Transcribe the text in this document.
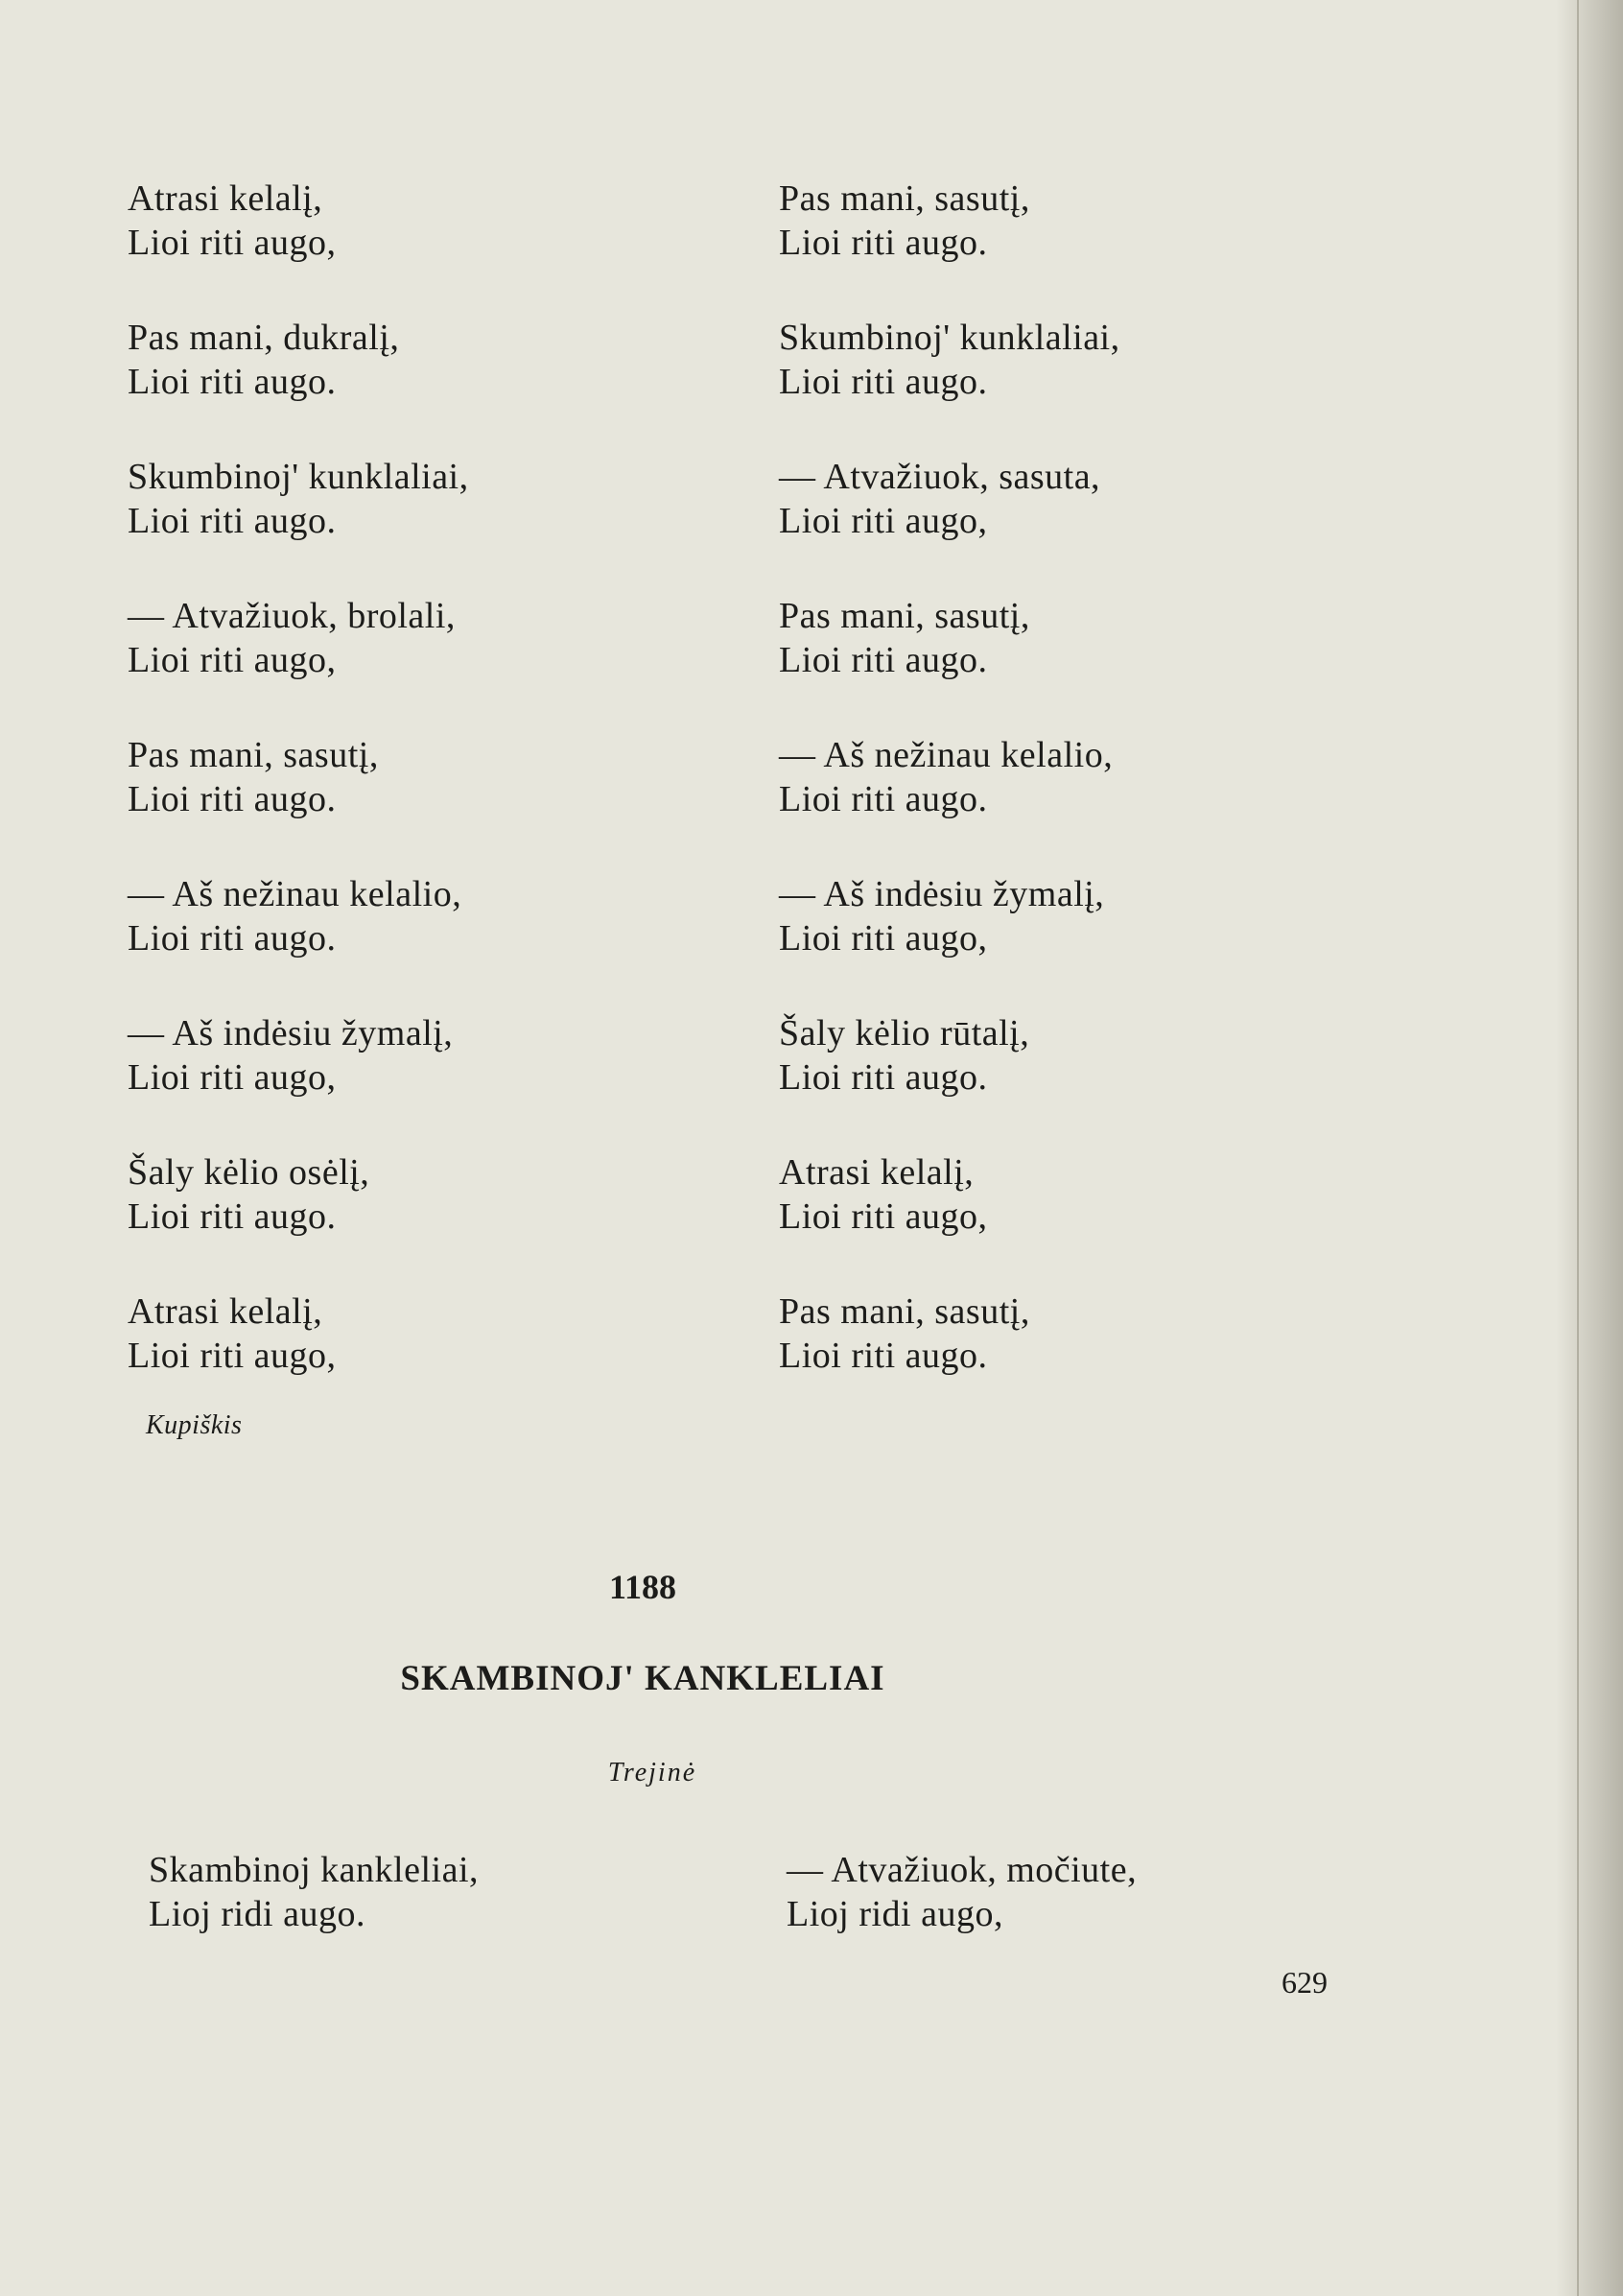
Atrasi kelalį,
Lioi riti augo,
Pas mani, dukralį,
Lioi riti augo.
Skumbinoj' kunklaliai,
Lioi riti augo.
— Atvažiuok, brolali,
Lioi riti augo,
Pas mani, sasutį,
Lioi riti augo.
— Aš nežinau kelalio,
Lioi riti augo.
— Aš indėsiu žymalį,
Lioi riti augo,
Šaly kėlio osėlį,
Lioi riti augo.
Atrasi kelalį,
Lioi riti augo,
Pas mani, sasutį,
Lioi riti augo.
Skumbinoj' kunklaliai,
Lioi riti augo.
— Atvažiuok, sasuta,
Lioi riti augo,
Pas mani, sasutį,
Lioi riti augo.
— Aš nežinau kelalio,
Lioi riti augo.
— Aš indėsiu žymalį,
Lioi riti augo,
Šaly kėlio rūtalį,
Lioi riti augo.
Atrasi kelalį,
Lioi riti augo,
Pas mani, sasutį,
Lioi riti augo.
Kupiškis
1188
SKAMBINOJ' KANKLELIAI
Trejinė
Skambinoj kankleliai,
Lioj ridi augo.
— Atvažiuok, močiute,
Lioj ridi augo,
629
